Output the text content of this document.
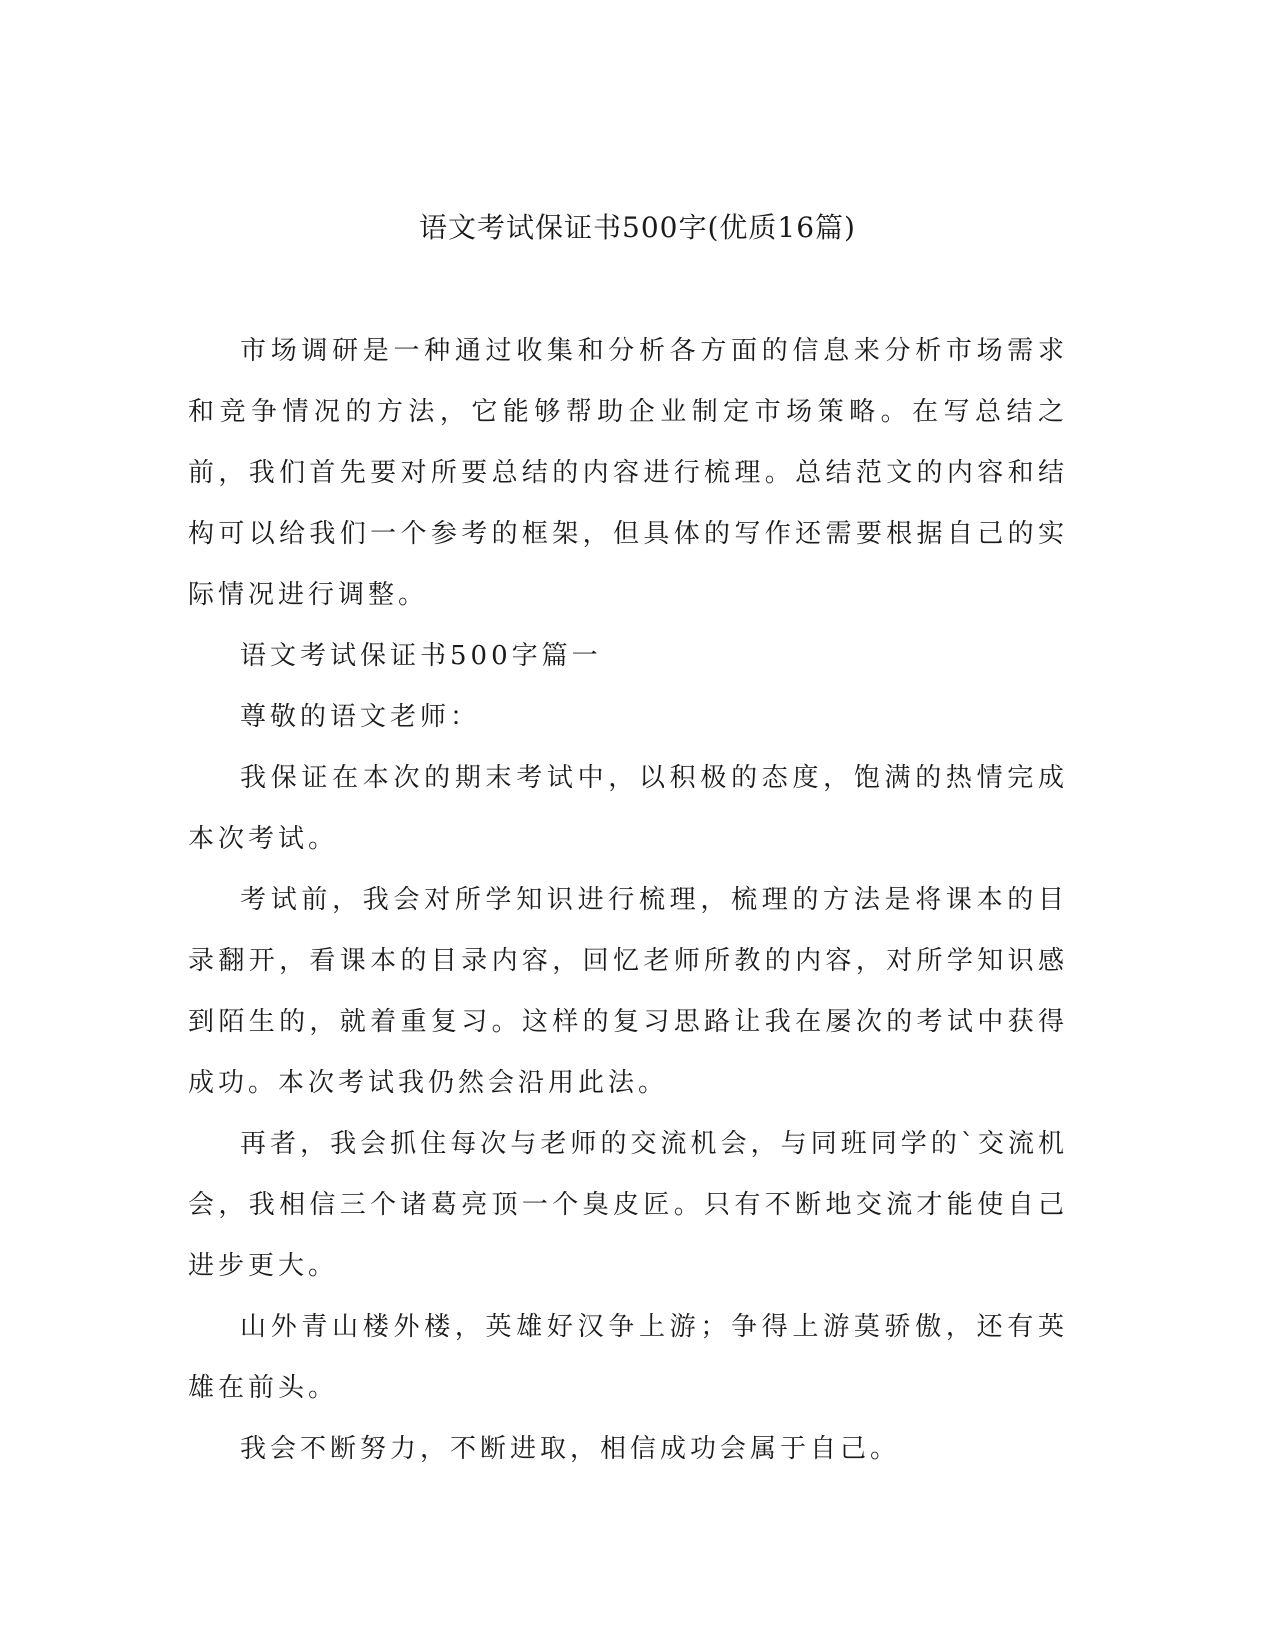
语文考试保证书500字(优质16篇)

市场调研是一种通过收集和分析各方面的信息来分析市场需求和竞争情况的方法，它能够帮助企业制定市场策略。在写总结之前，我们首先要对所要总结的内容进行梳理。总结范文的内容和结构可以给我们一个参考的框架，但具体的写作还需要根据自己的实际情况进行调整。

语文考试保证书500字篇一

尊敬的语文老师：

我保证在本次的期末考试中，以积极的态度，饱满的热情完成本次考试。

考试前，我会对所学知识进行梳理，梳理的方法是将课本的目录翻开，看课本的目录内容，回忆老师所教的内容，对所学知识感到陌生的，就着重复习。这样的复习思路让我在屡次的考试中获得成功。本次考试我仍然会沿用此法。

再者，我会抓住每次与老师的交流机会，与同班同学的`交流机会，我相信三个诸葛亮顶一个臭皮匠。只有不断地交流才能使自己进步更大。

山外青山楼外楼，英雄好汉争上游；争得上游莫骄傲，还有英雄在前头。

我会不断努力，不断进取，相信成功会属于自己。
